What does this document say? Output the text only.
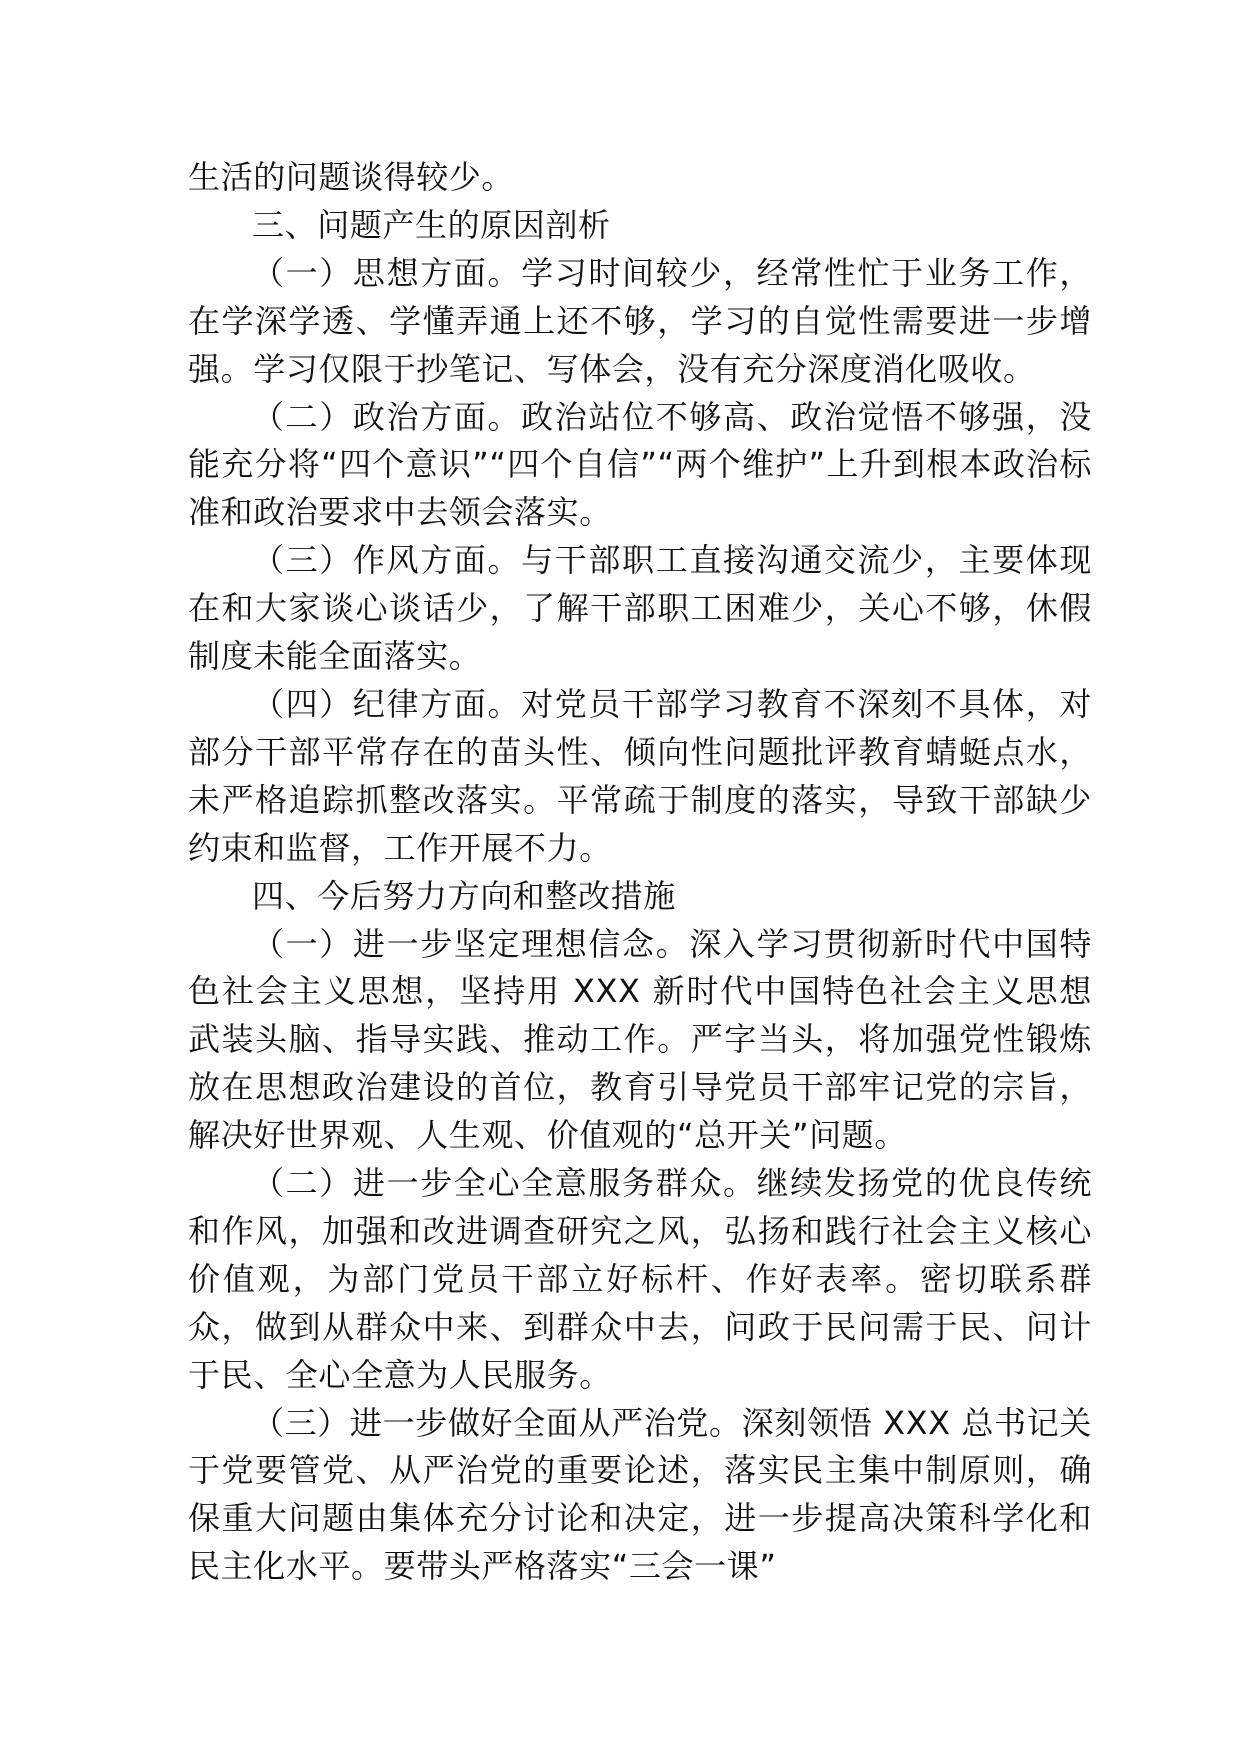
生活的问题谈得较少。

三、问题产生的原因剖析

（一）思想方面。学习时间较少，经常性忙于业务工作，在学深学透、学懂弄通上还不够，学习的自觉性需要进一步增强。学习仅限于抄笔记、写体会，没有充分深度消化吸收。

（二）政治方面。政治站位不够高、政治觉悟不够强，没能充分将“四个意识”“四个自信”“两个维护”上升到根本政治标准和政治要求中去领会落实。

（三）作风方面。与干部职工直接沟通交流少，主要体现在和大家谈心谈话少，了解干部职工困难少，关心不够，休假制度未能全面落实。

（四）纪律方面。对党员干部学习教育不深刻不具体，对部分干部平常存在的苗头性、倾向性问题批评教育蜻蜓点水，未严格追踪抓整改落实。平常疏于制度的落实，导致干部缺少约束和监督，工作开展不力。

四、今后努力方向和整改措施

（一）进一步坚定理想信念。深入学习贯彻新时代中国特色社会主义思想，坚持用 XXX 新时代中国特色社会主义思想武装头脑、指导实践、推动工作。严字当头，将加强党性锻炼放在思想政治建设的首位，教育引导党员干部牢记党的宗旨，解决好世界观、人生观、价值观的“总开关”问题。

（二）进一步全心全意服务群众。继续发扬党的优良传统和作风，加强和改进调查研究之风，弘扬和践行社会主义核心价值观，为部门党员干部立好标杆、作好表率。密切联系群众，做到从群众中来、到群众中去，问政于民问需于民、问计于民、全心全意为人民服务。

（三）进一步做好全面从严治党。深刻领悟 XXX 总书记关于党要管党、从严治党的重要论述，落实民主集中制原则，确保重大问题由集体充分讨论和决定，进一步提高决策科学化和民主化水平。要带头严格落实“三会一课”
